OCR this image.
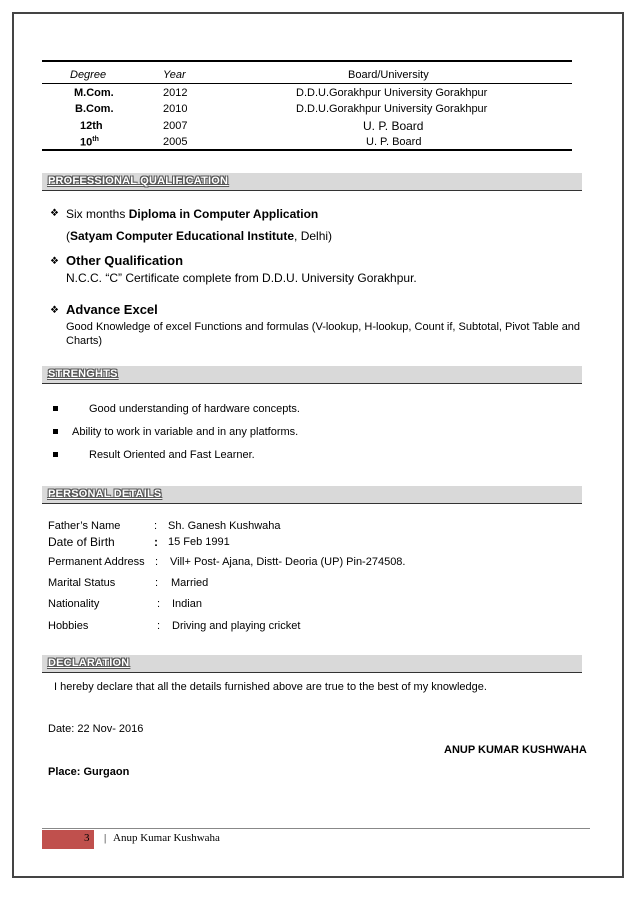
Degree	Year	Board/University
M.Com.	2012	D.D.U.Gorakhpur University Gorakhpur
B.Com.	2010	D.D.U.Gorakhpur University Gorakhpur
12th	2007	U. P. Board
10th	2005	U. P. Board
PROFESSIONAL QUALIFICATION
❖ Six months Diploma in Computer Application
(Satyam Computer Educational Institute, Delhi)
❖ Other Qualification
N.C.C. “C” Certificate complete from D.D.U. University Gorakhpur.
❖ Advance Excel
Good Knowledge of excel Functions and formulas (V-lookup, H-lookup, Count if, Subtotal, Pivot Table and
Charts)
STRENGHTS
Good understanding of hardware concepts.
Ability to work in variable and in any platforms.
Result Oriented and Fast Learner.
PERSONAL DETAILS
Father’s Name	: Sh. Ganesh Kushwaha
Date of Birth	: 15 Feb 1991
Permanent Address : Vill+ Post- Ajana, Distt- Deoria (UP) Pin-274508.
Marital Status	: Married
Nationality	: Indian
Hobbies	: Driving and playing cricket
DECLARATION
I hereby declare that all the details furnished above are true to the best of my knowledge.
Date: 22 Nov- 2016
ANUP KUMAR KUSHWAHA
Place: Gurgaon
3 | Anup Kumar Kushwaha
